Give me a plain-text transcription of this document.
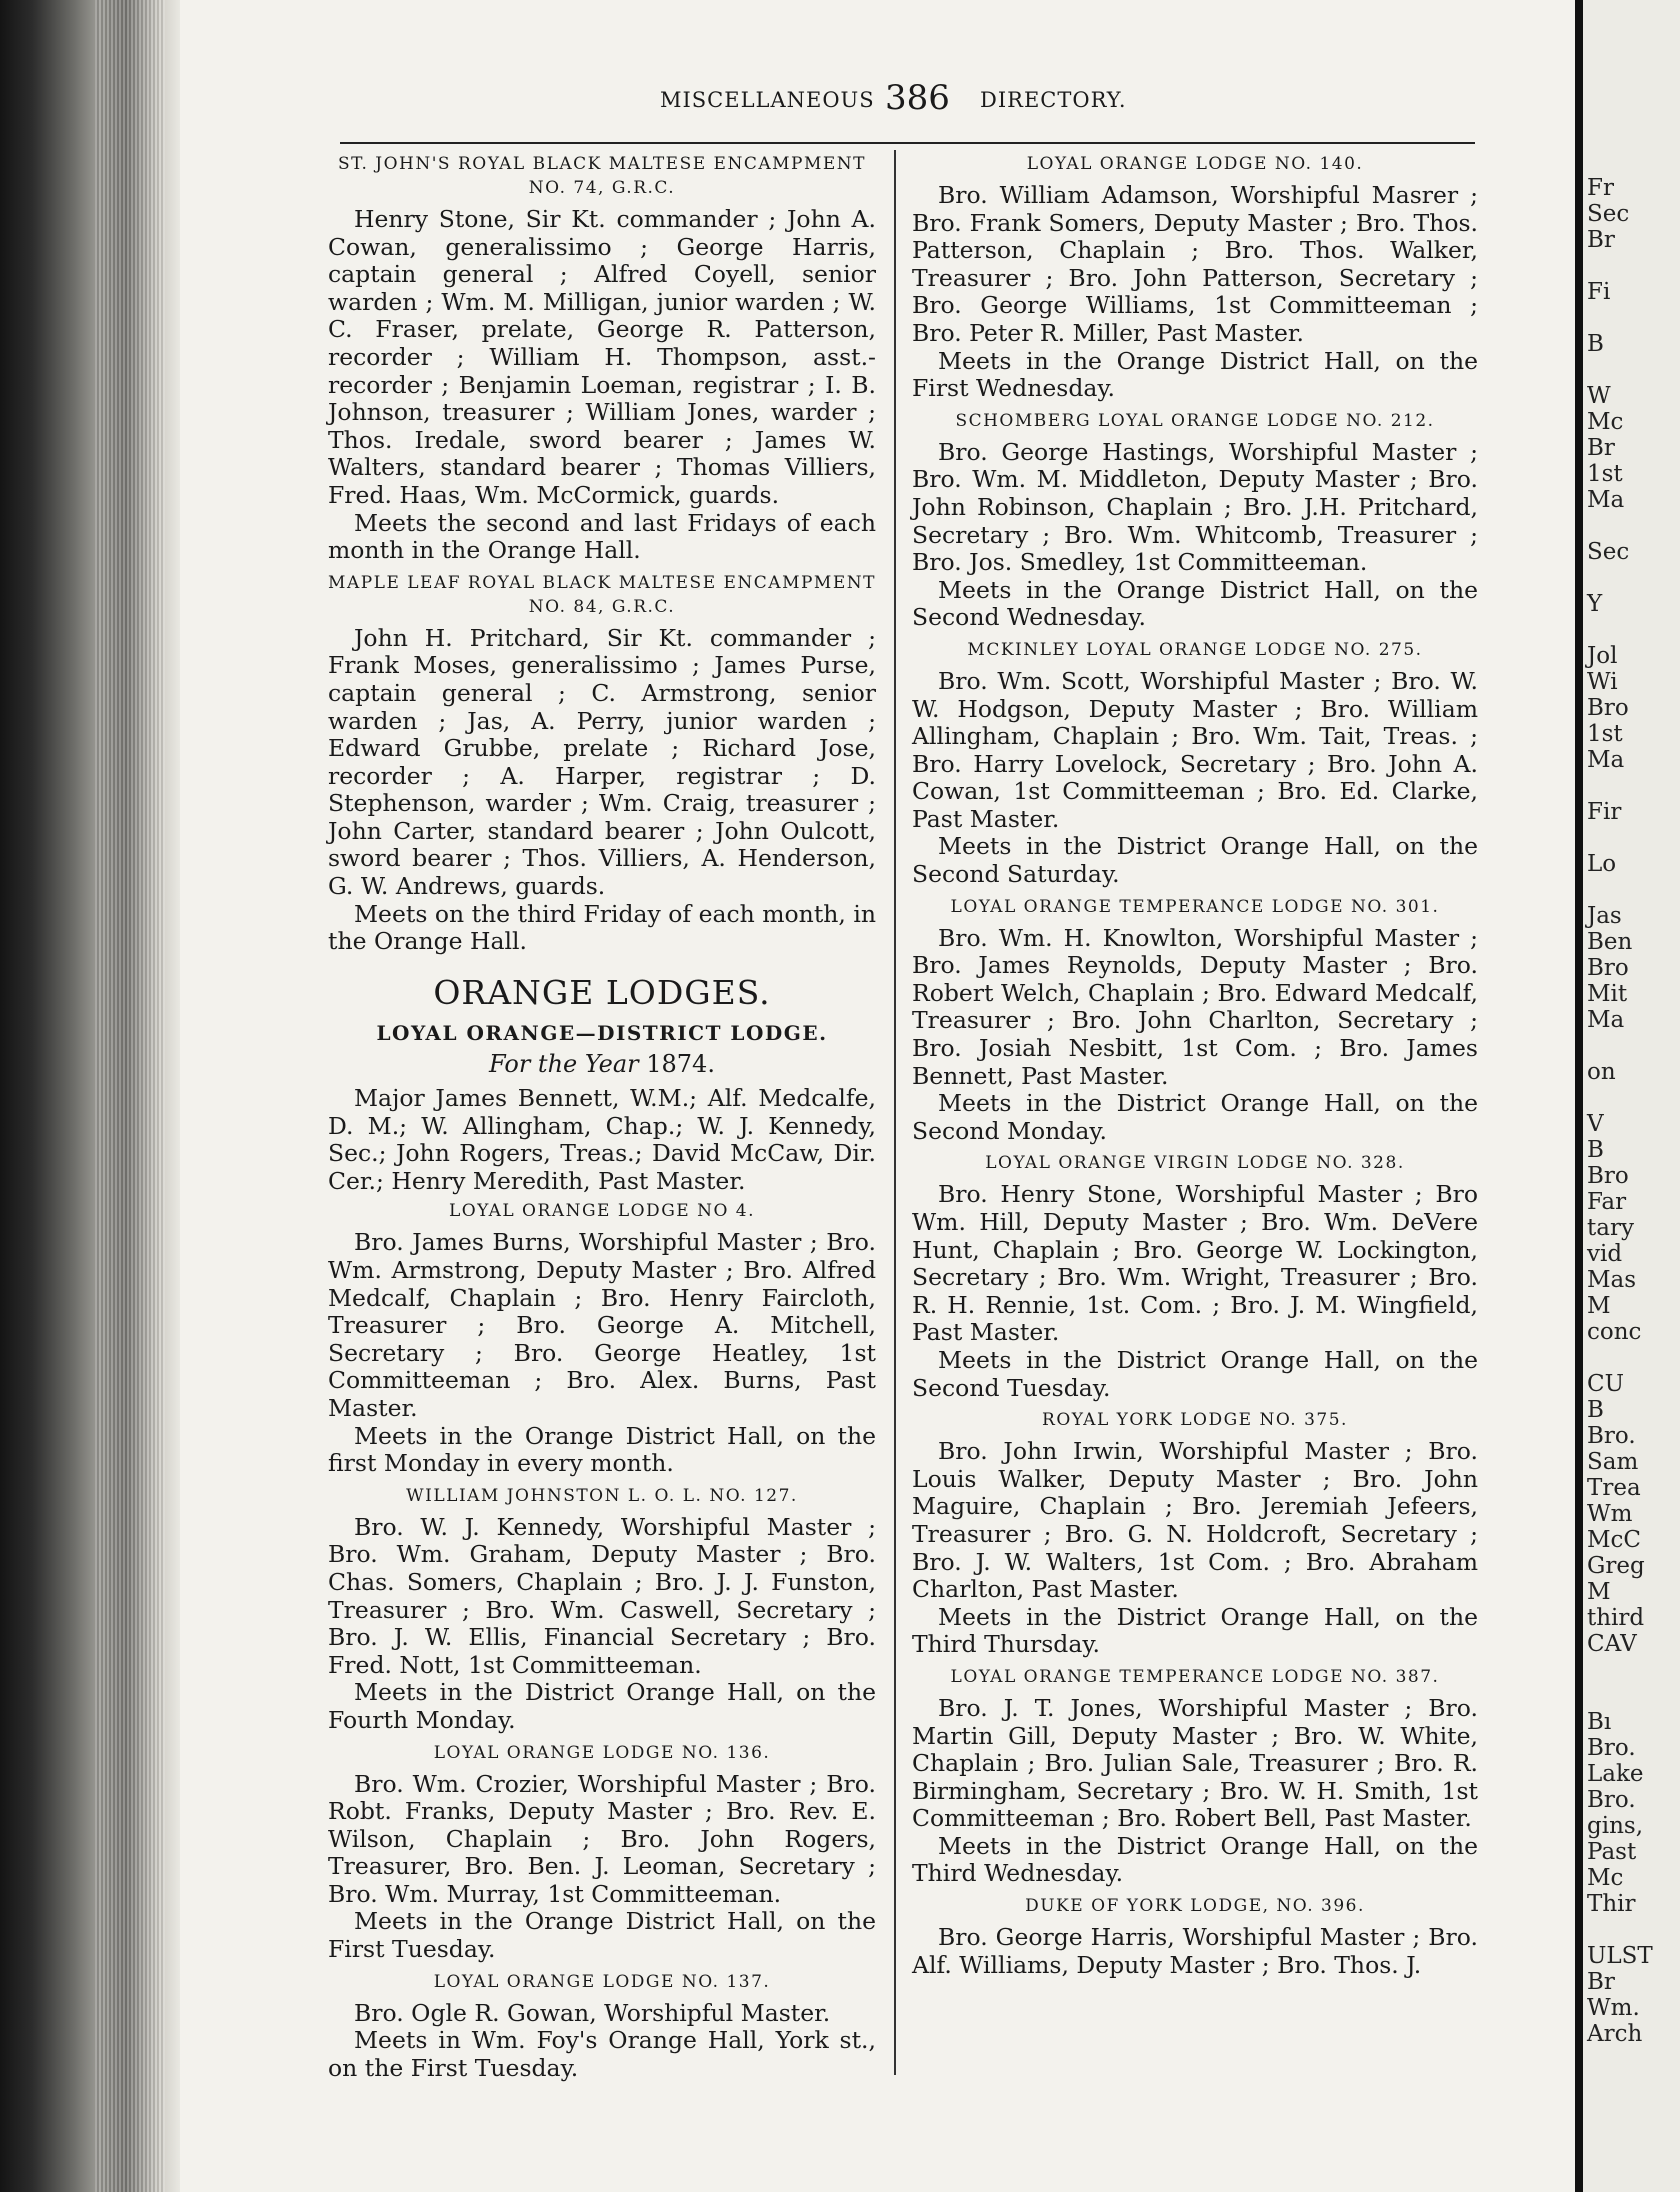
Fr
Sec
Br
Fi
B
W
Mc
Br
1st
Ma
Sec
Y
Jol
Wi
Bro
1st
Ma
Fir
Lo
Jas
Ben
Bro
Mit
Ma
on
V
B
Bro
Far
tary
vid
Mas
M
conc
CU
B
Bro.
Sam
Trea
Wm
McC
Greg
M
third
CAV
Bı
Bro.
Lake
Bro.
gins,
Past
Mc
Thir
ULST
Br
Wm.
Arch
MISCELLANEOUS 386 DIRECTORY.

ST. JOHN'S ROYAL BLACK MALTESE ENCAMPMENT NO. 74, G.R.C.

Henry Stone, Sir Kt. commander ; John A. Cowan, generalissimo ; George Harris, captain general ; Alfred Coyell, senior warden ; Wm. M. Milligan, junior warden ; W. C. Fraser, prelate, George R. Patterson, recorder ; William H. Thompson, asst.-recorder ; Benjamin Loeman, registrar ; I. B. Johnson, treasurer ; William Jones, warder ; Thos. Iredale, sword bearer ; James W. Walters, standard bearer ; Thomas Villiers, Fred. Haas, Wm. McCormick, guards.

Meets the second and last Fridays of each month in the Orange Hall.

MAPLE LEAF ROYAL BLACK MALTESE ENCAMPMENT NO. 84, G.R.C.

John H. Pritchard, Sir Kt. commander ; Frank Moses, generalissimo ; James Purse, captain general ; C. Armstrong, senior warden ; Jas, A. Perry, junior warden ; Edward Grubbe, prelate ; Richard Jose, recorder ; A. Harper, registrar ; D. Stephenson, warder ; Wm. Craig, treasurer ; John Carter, standard bearer ; John Oulcott, sword bearer ; Thos. Villiers, A. Henderson, G. W. Andrews, guards.

Meets on the third Friday of each month, in the Orange Hall.

ORANGE LODGES.

LOYAL ORANGE—DISTRICT LODGE.

For the Year 1874.

Major James Bennett, W.M.; Alf. Medcalfe, D. M.; W. Allingham, Chap.; W. J. Kennedy, Sec.; John Rogers, Treas.; David McCaw, Dir. Cer.; Henry Meredith, Past Master.

LOYAL ORANGE LODGE NO 4.

Bro. James Burns, Worshipful Master ; Bro. Wm. Armstrong, Deputy Master ; Bro. Alfred Medcalf, Chaplain ; Bro. Henry Faircloth, Treasurer ; Bro. George A. Mitchell, Secretary ; Bro. George Heatley, 1st Committeeman ; Bro. Alex. Burns, Past Master.

Meets in the Orange District Hall, on the first Monday in every month.

WILLIAM JOHNSTON L. O. L. NO. 127.

Bro. W. J. Kennedy, Worshipful Master ; Bro. Wm. Graham, Deputy Master ; Bro. Chas. Somers, Chaplain ; Bro. J. J. Funston, Treasurer ; Bro. Wm. Caswell, Secretary ; Bro. J. W. Ellis, Financial Secretary ; Bro. Fred. Nott, 1st Committeeman.

Meets in the District Orange Hall, on the Fourth Monday.

LOYAL ORANGE LODGE NO. 136.

Bro. Wm. Crozier, Worshipful Master ; Bro. Robt. Franks, Deputy Master ; Bro. Rev. E. Wilson, Chaplain ; Bro. John Rogers, Treasurer, Bro. Ben. J. Leoman, Secretary ; Bro. Wm. Murray, 1st Committeeman.

Meets in the Orange District Hall, on the First Tuesday.

LOYAL ORANGE LODGE NO. 137.

Bro. Ogle R. Gowan, Worshipful Master.

Meets in Wm. Foy's Orange Hall, York st., on the First Tuesday.

LOYAL ORANGE LODGE NO. 140.

Bro. William Adamson, Worshipful Masrer ; Bro. Frank Somers, Deputy Master ; Bro. Thos. Patterson, Chaplain ; Bro. Thos. Walker, Treasurer ; Bro. John Patterson, Secretary ; Bro. George Williams, 1st Committeeman ; Bro. Peter R. Miller, Past Master.

Meets in the Orange District Hall, on the First Wednesday.

SCHOMBERG LOYAL ORANGE LODGE NO. 212.

Bro. George Hastings, Worshipful Master ; Bro. Wm. M. Middleton, Deputy Master ; Bro. John Robinson, Chaplain ; Bro. J.H. Pritchard, Secretary ; Bro. Wm. Whitcomb, Treasurer ; Bro. Jos. Smedley, 1st Committeeman.

Meets in the Orange District Hall, on the Second Wednesday.

MCKINLEY LOYAL ORANGE LODGE NO. 275.

Bro. Wm. Scott, Worshipful Master ; Bro. W. W. Hodgson, Deputy Master ; Bro. William Allingham, Chaplain ; Bro. Wm. Tait, Treas. ; Bro. Harry Lovelock, Secretary ; Bro. John A. Cowan, 1st Committeeman ; Bro. Ed. Clarke, Past Master.

Meets in the District Orange Hall, on the Second Saturday.

LOYAL ORANGE TEMPERANCE LODGE NO. 301.

Bro. Wm. H. Knowlton, Worshipful Master ; Bro. James Reynolds, Deputy Master ; Bro. Robert Welch, Chaplain ; Bro. Edward Medcalf, Treasurer ; Bro. John Charlton, Secretary ; Bro. Josiah Nesbitt, 1st Com. ; Bro. James Bennett, Past Master.

Meets in the District Orange Hall, on the Second Monday.

LOYAL ORANGE VIRGIN LODGE NO. 328.

Bro. Henry Stone, Worshipful Master ; Bro Wm. Hill, Deputy Master ; Bro. Wm. DeVere Hunt, Chaplain ; Bro. George W. Lockington, Secretary ; Bro. Wm. Wright, Treasurer ; Bro. R. H. Rennie, 1st. Com. ; Bro. J. M. Wingfield, Past Master.

Meets in the District Orange Hall, on the Second Tuesday.

ROYAL YORK LODGE NO. 375.

Bro. John Irwin, Worshipful Master ; Bro. Louis Walker, Deputy Master ; Bro. John Maguire, Chaplain ; Bro. Jeremiah Jefeers, Treasurer ; Bro. G. N. Holdcroft, Secretary ; Bro. J. W. Walters, 1st Com. ; Bro. Abraham Charlton, Past Master.

Meets in the District Orange Hall, on the Third Thursday.

LOYAL ORANGE TEMPERANCE LODGE NO. 387.

Bro. J. T. Jones, Worshipful Master ; Bro. Martin Gill, Deputy Master ; Bro. W. White, Chaplain ; Bro. Julian Sale, Treasurer ; Bro. R. Birmingham, Secretary ; Bro. W. H. Smith, 1st Committeeman ; Bro. Robert Bell, Past Master.

Meets in the District Orange Hall, on the Third Wednesday.

DUKE OF YORK LODGE, NO. 396.

Bro. George Harris, Worshipful Master ; Bro. Alf. Williams, Deputy Master ; Bro. Thos. J.
